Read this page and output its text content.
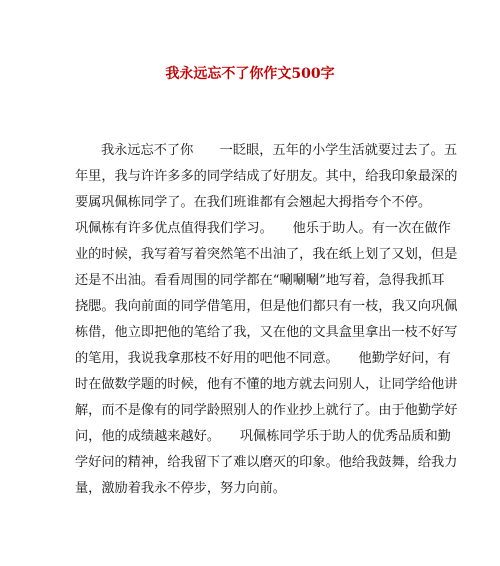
我永远忘不了你作文500字
我永远忘不了你　　一眨眼，五年的小学生活就要过去了。五
年里，我与许许多多的同学结成了好朋友。其中，给我印象最深的
要属巩佩栋同学了。在我们班谁都有会翘起大拇指夸个不停。
巩佩栋有许多优点值得我们学习。　　他乐于助人。有一次在做作
业的时候，我写着写着突然笔不出油了，我在纸上划了又划，但是
还是不出油。看看周围的同学都在“唰唰唰”地写着，急得我抓耳
挠腮。我向前面的同学借笔用，但是他们都只有一枝，我又向巩佩
栋借，他立即把他的笔给了我，又在他的文具盒里拿出一枝不好写
的笔用，我说我拿那枝不好用的吧他不同意。　　他勤学好问，有
时在做数学题的时候，他有不懂的地方就去问别人，让同学给他讲
解，而不是像有的同学龄照别人的作业抄上就行了。由于他勤学好
问，他的成绩越来越好。　　巩佩栋同学乐于助人的优秀品质和勤
学好问的精神，给我留下了难以磨灭的印象。他给我鼓舞，给我力
量，激励着我永不停步，努力向前。
